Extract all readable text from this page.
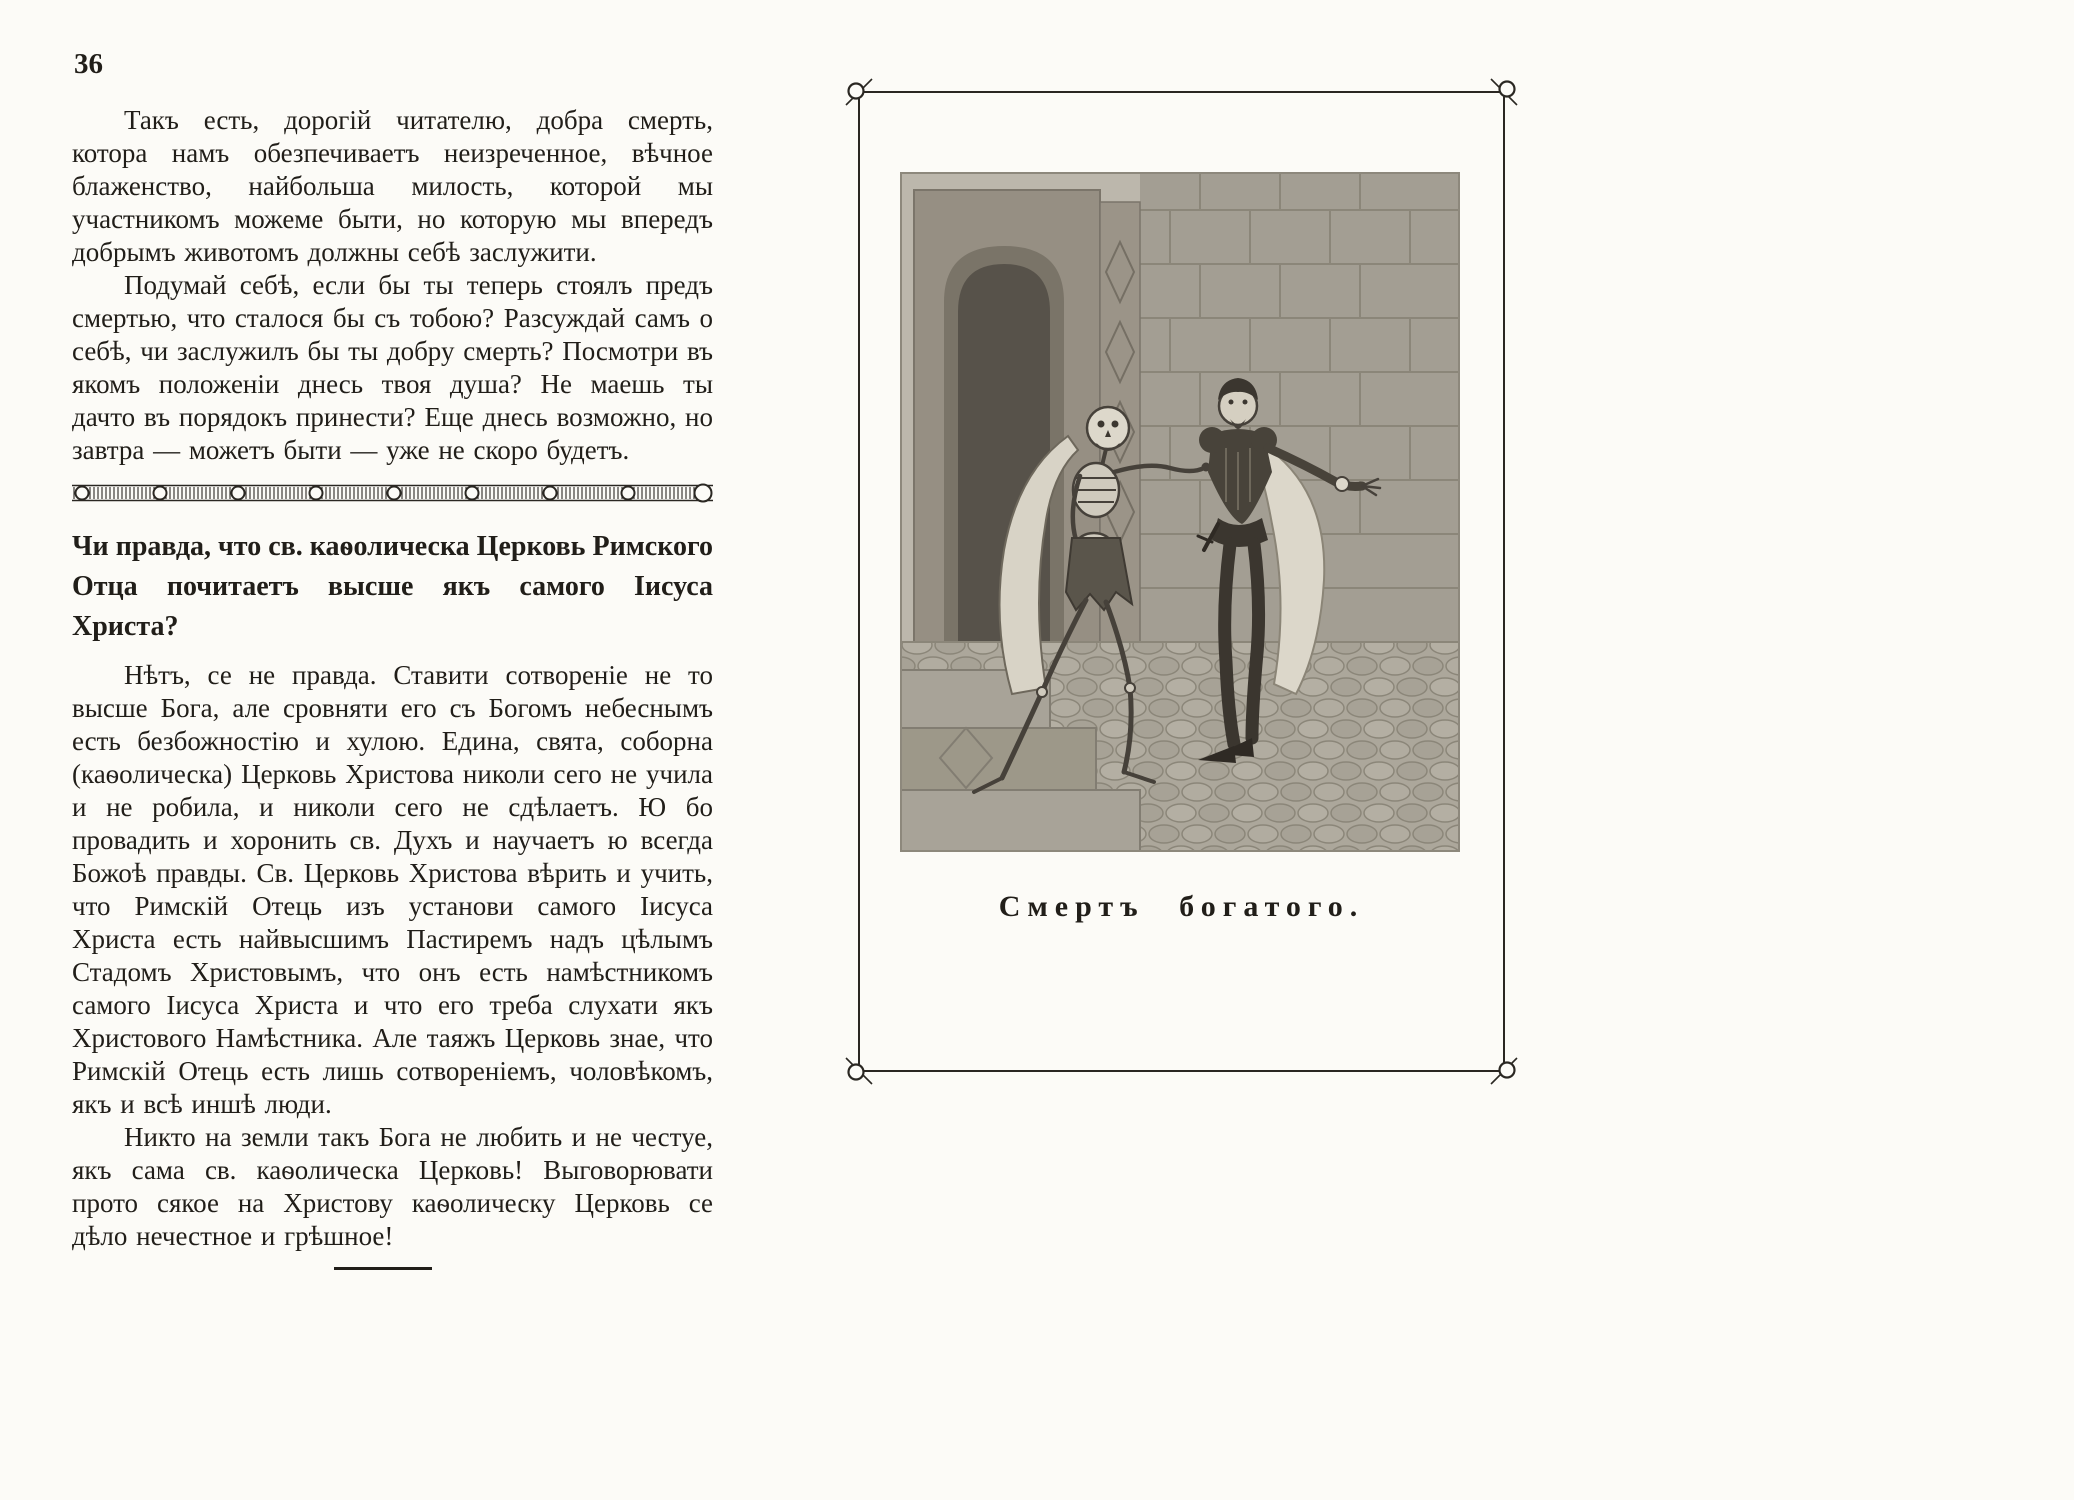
36

Такъ есть, дорогій читателю, добра смерть, котора намъ обезпечиваетъ неизреченное, вѣчное блаженство, найбольша милость, которой мы участникомъ можеме быти, но которую мы впередъ добрымъ животомъ должны себѣ заслужити.

Подумай себѣ, если бы ты теперь стоялъ предъ смертью, что сталося бы съ тобою? Разсуждай самъ о себѣ, чи заслужилъ бы ты добру смерть? Посмотри въ якомъ положеніи днесь твоя душа? Не маешь ты дачто въ порядокъ принести? Еще днесь возможно, но завтра — можетъ быти — уже не скоро будетъ.

Чи правда, что св. каѳолическа Церковь Римского Отца почитаетъ высше якъ самого Іисуса Христа?

Нѣтъ, се не правда. Ставити сотвореніе не то высше Бога, але сровняти его съ Богомъ небеснымъ есть безбожностію и хулою. Едина, свята, соборна (каѳолическа) Церковь Христова николи сего не учила и не робила, и николи сего не сдѣлаетъ. Ю бо провадить и хоронить св. Духъ и научаетъ ю всегда Божоѣ правды. Св. Церковь Христова вѣрить и учить, что Римскій Отець изъ установи самого Іисуса Христа есть найвысшимъ Пастиремъ надъ цѣлымъ Стадомъ Христовымъ, что онъ есть намѣстникомъ самого Іисуса Христа и что его треба слухати якъ Христового Намѣстника. Але таяжъ Церковь знае, что Римскій Отець есть лишь сотвореніемъ, чоловѣкомъ, якъ и всѣ иншѣ люди.

Никто на земли такъ Бога не любить и не честуе, якъ сама св. каѳолическа Церковь! Выговорювати прото сякое на Христову каѳолическу Церковь се дѣло нечестное и грѣшное!

Смертъ богатого.
